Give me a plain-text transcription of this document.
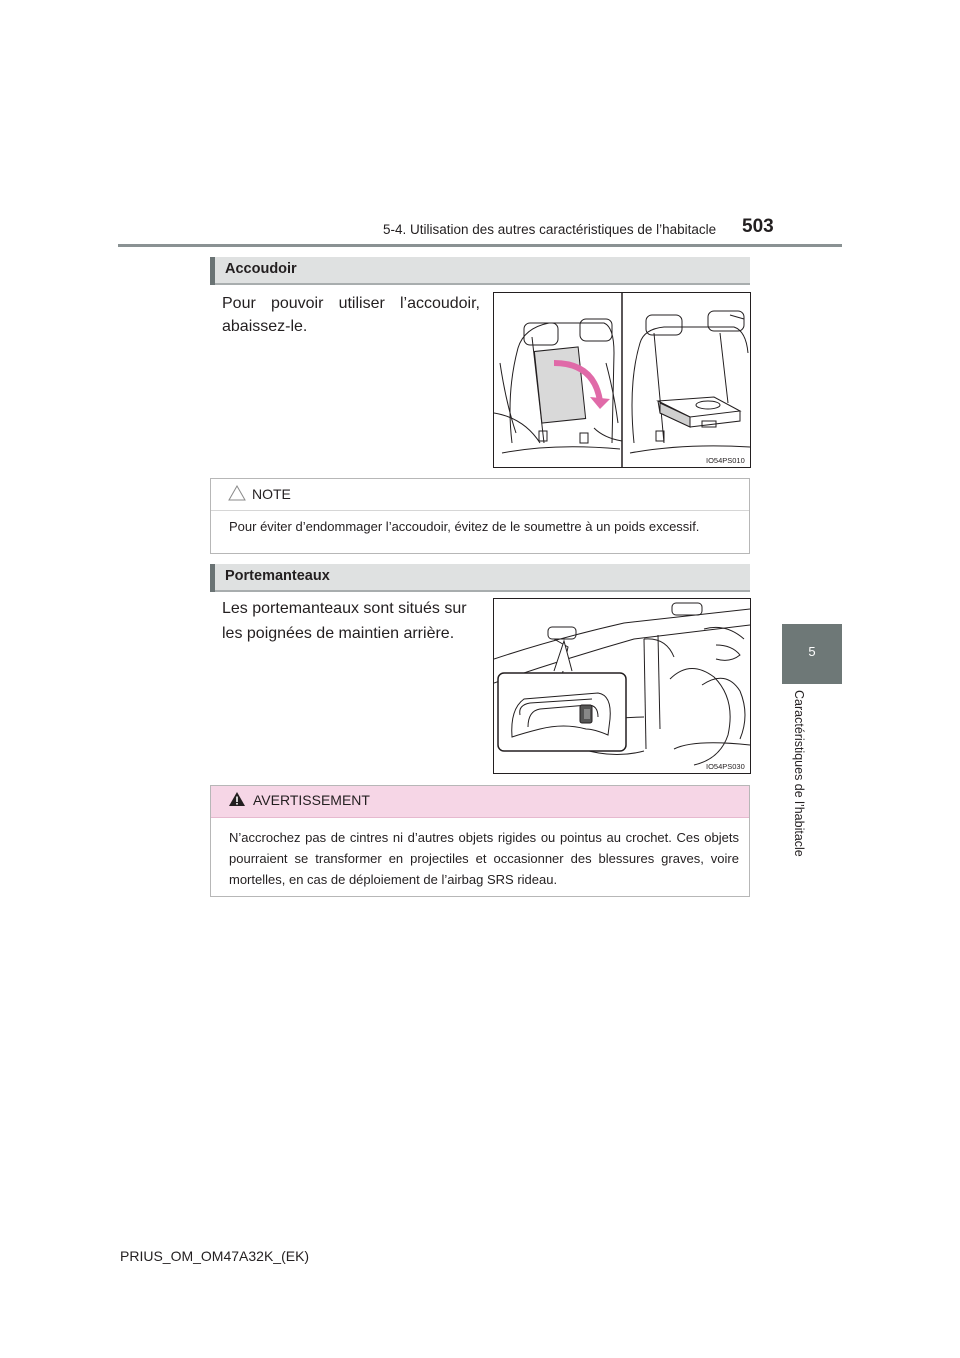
5-4. Utilisation des autres caractéristiques de l’habitacle 503
5
Caractéristiques de l’habitacle
Accoudoir
Pour pouvoir utiliser l’accoudoir, abaissez-le.
IO54PS010
NOTE
Pour éviter d’endommager l’accoudoir, évitez de le soumettre à un poids excessif.
Portemanteaux
Les portemanteaux sont situés sur les poignées de maintien arrière.
IO54PS030
AVERTISSEMENT
N’accrochez pas de cintres ni d’autres objets rigides ou pointus au crochet. Ces objets pourraient se transformer en projectiles et occasionner des blessures graves, voire mortelles, en cas de déploiement de l’airbag SRS rideau.
PRIUS_OM_OM47A32K_(EK)
